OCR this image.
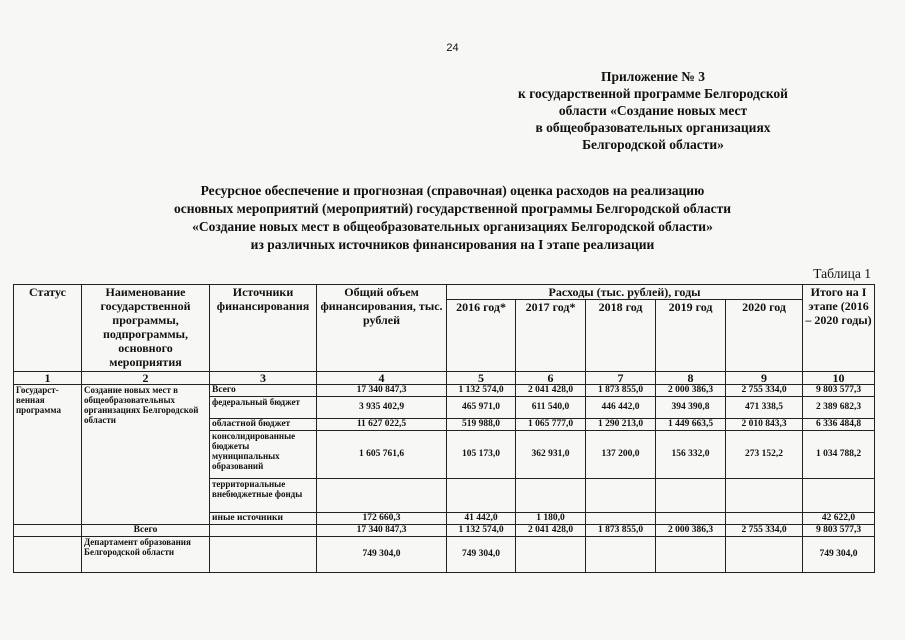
24
Приложение № 3
к государственной программе Белгородской
области «Создание новых мест
в общеобразовательных организациях
Белгородской области»
Ресурсное обеспечение и прогнозная (справочная) оценка расходов на реализацию
основных мероприятий (мероприятий) государственной программы Белгородской области
«Создание новых мест в общеобразовательных организациях Белгородской области»
из различных источников финансирования на I этапе реализации
Таблица 1
Статус	Наименование государственной программы, подпрограммы, основного мероприятия	Источники финансирования	Общий объем финансирования, тыс. рублей	Расходы (тыс. рублей), годы					Итого на I этапе (2016 – 2020 годы)
				2016 год*	2017 год*	2018 год	2019 год	2020 год	
1	2	3	4	5	6	7	8	9	10
Государст-венная программа	Создание новых мест в общеобразовательных организациях Белгородской области	Всего	17 340 847,3	1 132 574,0	2 041 428,0	1 873 855,0	2 000 386,3	2 755 334,0	9 803 577,3
		федеральный бюджет	3 935 402,9	465 971,0	611 540,0	446 442,0	394 390,8	471 338,5	2 389 682,3
		областной бюджет	11 627 022,5	519 988,0	1 065 777,0	1 290 213,0	1 449 663,5	2 010 843,3	6 336 484,8
		консолидированные бюджеты муниципальных образований	1 605 761,6	105 173,0	362 931,0	137 200,0	156 332,0	273 152,2	1 034 788,2
		территориальные внебюджетные фонды							
		иные источники	172 660,3	41 442,0	1 180,0				42 622,0
	Всего		17 340 847,3	1 132 574,0	2 041 428,0	1 873 855,0	2 000 386,3	2 755 334,0	9 803 577,3
	Департамент образования Белгородской области		749 304,0	749 304,0					749 304,0
